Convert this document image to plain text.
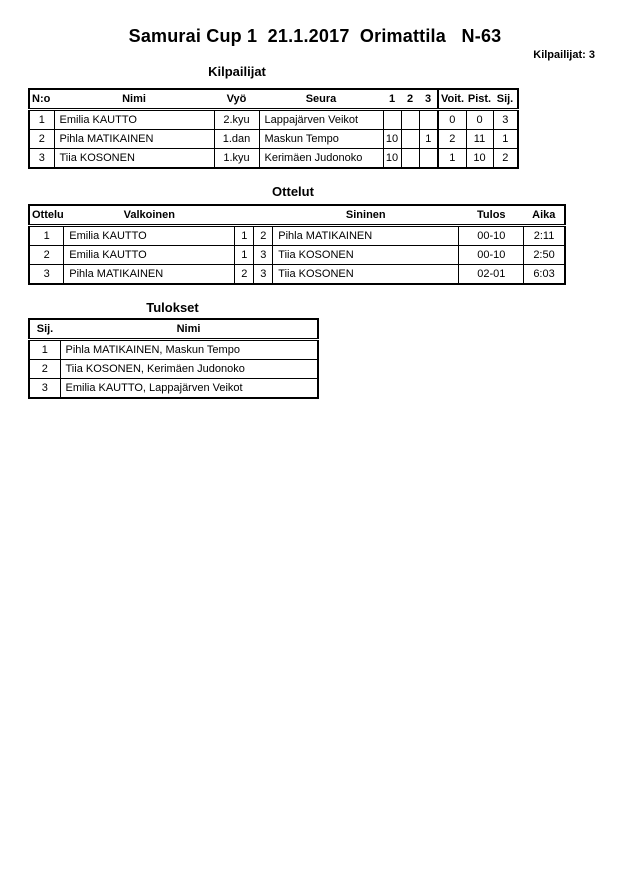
Samurai Cup 1  21.1.2017  Orimattila   N-63
Kilpailijat: 3
Kilpailijat
N:o	Nimi	Vyö	Seura	1	2	3	Voit.	Pist.	Sij.
1	Emilia KAUTTO	2.kyu	Lappajärven Veikot				0	0	3
2	Pihla MATIKAINEN	1.dan	Maskun Tempo	10		1	2	11	1
3	Tiia KOSONEN	1.kyu	Kerimäen Judonoko	10			1	10	2
Ottelut
Ottelu	Valkoinen			Sininen	Tulos	Aika
1	Emilia KAUTTO	1	2	Pihla MATIKAINEN	00-10	2:11
2	Emilia KAUTTO	1	3	Tiia KOSONEN	00-10	2:50
3	Pihla MATIKAINEN	2	3	Tiia KOSONEN	02-01	6:03
Tulokset
Sij.	Nimi
1	Pihla MATIKAINEN, Maskun Tempo
2	Tiia KOSONEN, Kerimäen Judonoko
3	Emilia KAUTTO, Lappajärven Veikot
